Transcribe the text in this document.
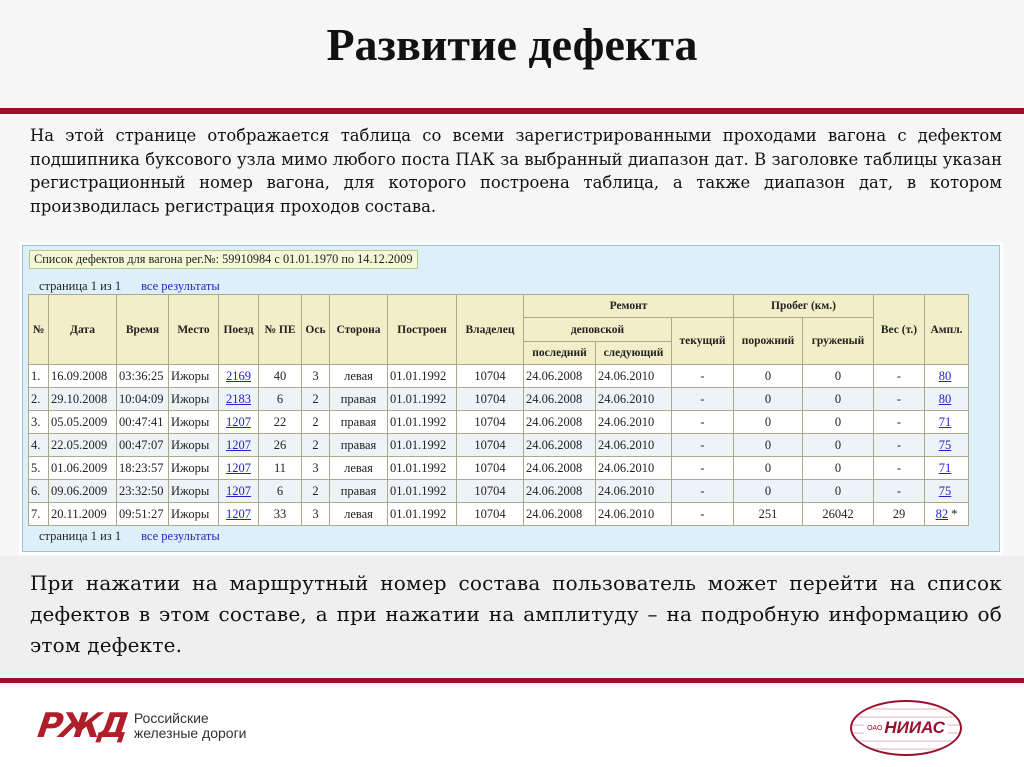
Развитие дефекта
На этой странице отображается таблица со всеми зарегистрированными проходами вагона с дефектом подшипника буксового узла мимо любого поста ПАК за выбранный диапазон дат. В заголовке таблицы указан регистрационный номер вагона, для которого построена таблица, а также диапазон дат, в котором производилась регистрация проходов состава.
Список дефектов для вагона рег.№: 59910984 с 01.01.1970 по 14.12.2009
страница 1 из 1 все результаты
№	Дата	Время	Место	Поезд	№ ПЕ	Ось	Сторона	Построен	Владелец	Ремонт			Пробег (км.)		Вес (т.)	Ампл.
										деповской		текущий	порожний	груженый		
										последний	следующий					
1.	16.09.2008	03:36:25	Ижоры	2169	40	3	левая	01.01.1992	10704	24.06.2008	24.06.2010	-	0	0	-	80
2.	29.10.2008	10:04:09	Ижоры	2183	6	2	правая	01.01.1992	10704	24.06.2008	24.06.2010	-	0	0	-	80
3.	05.05.2009	00:47:41	Ижоры	1207	22	2	правая	01.01.1992	10704	24.06.2008	24.06.2010	-	0	0	-	71
4.	22.05.2009	00:47:07	Ижоры	1207	26	2	правая	01.01.1992	10704	24.06.2008	24.06.2010	-	0	0	-	75
5.	01.06.2009	18:23:57	Ижоры	1207	11	3	левая	01.01.1992	10704	24.06.2008	24.06.2010	-	0	0	-	71
6.	09.06.2009	23:32:50	Ижоры	1207	6	2	правая	01.01.1992	10704	24.06.2008	24.06.2010	-	0	0	-	75
7.	20.11.2009	09:51:27	Ижоры	1207	33	3	левая	01.01.1992	10704	24.06.2008	24.06.2010	-	251	26042	29	82 *
страница 1 из 1 все результаты
При нажатии на маршрутный номер состава пользователь может перейти на список дефектов в этом составе, а при нажатии на амплитуду – на подробную информацию об этом дефекте.
РЖД Российские
железные дороги	ОАО НИИАС
